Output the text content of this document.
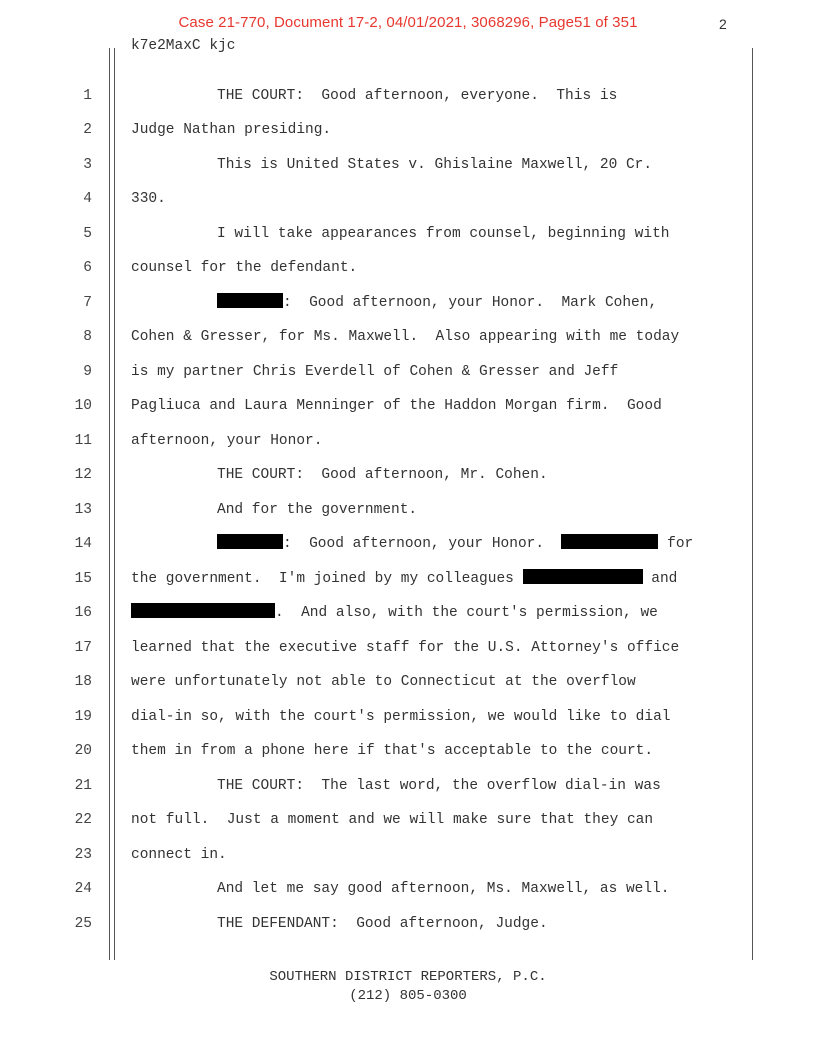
Case 21-770, Document 17-2, 04/01/2021, 3068296, Page51 of 351	2
k7e2MaxC kjc
1	THE COURT:  Good afternoon, everyone.  This is
2	Judge Nathan presiding.
3	This is United States v. Ghislaine Maxwell, 20 Cr.
4	330.
5	I will take appearances from counsel, beginning with
6	counsel for the defendant.
7	:  Good afternoon, your Honor.  Mark Cohen,
8	Cohen & Gresser, for Ms. Maxwell.  Also appearing with me today
9	is my partner Chris Everdell of Cohen & Gresser and Jeff
10	Pagliuca and Laura Menninger of the Haddon Morgan firm.  Good
11	afternoon, your Honor.
12	THE COURT:  Good afternoon, Mr. Cohen.
13	And for the government.
14	:  Good afternoon, your Honor.	for
15	the government.  I'm joined by my colleagues	and
16	.  And also, with the court's permission, we
17	learned that the executive staff for the U.S. Attorney's office
18	were unfortunately not able to Connecticut at the overflow
19	dial-in so, with the court's permission, we would like to dial
20	them in from a phone here if that's acceptable to the court.
21	THE COURT:  The last word, the overflow dial-in was
22	not full.  Just a moment and we will make sure that they can
23	connect in.
24	And let me say good afternoon, Ms. Maxwell, as well.
25	THE DEFENDANT:  Good afternoon, Judge.
SOUTHERN DISTRICT REPORTERS, P.C.
(212) 805-0300
